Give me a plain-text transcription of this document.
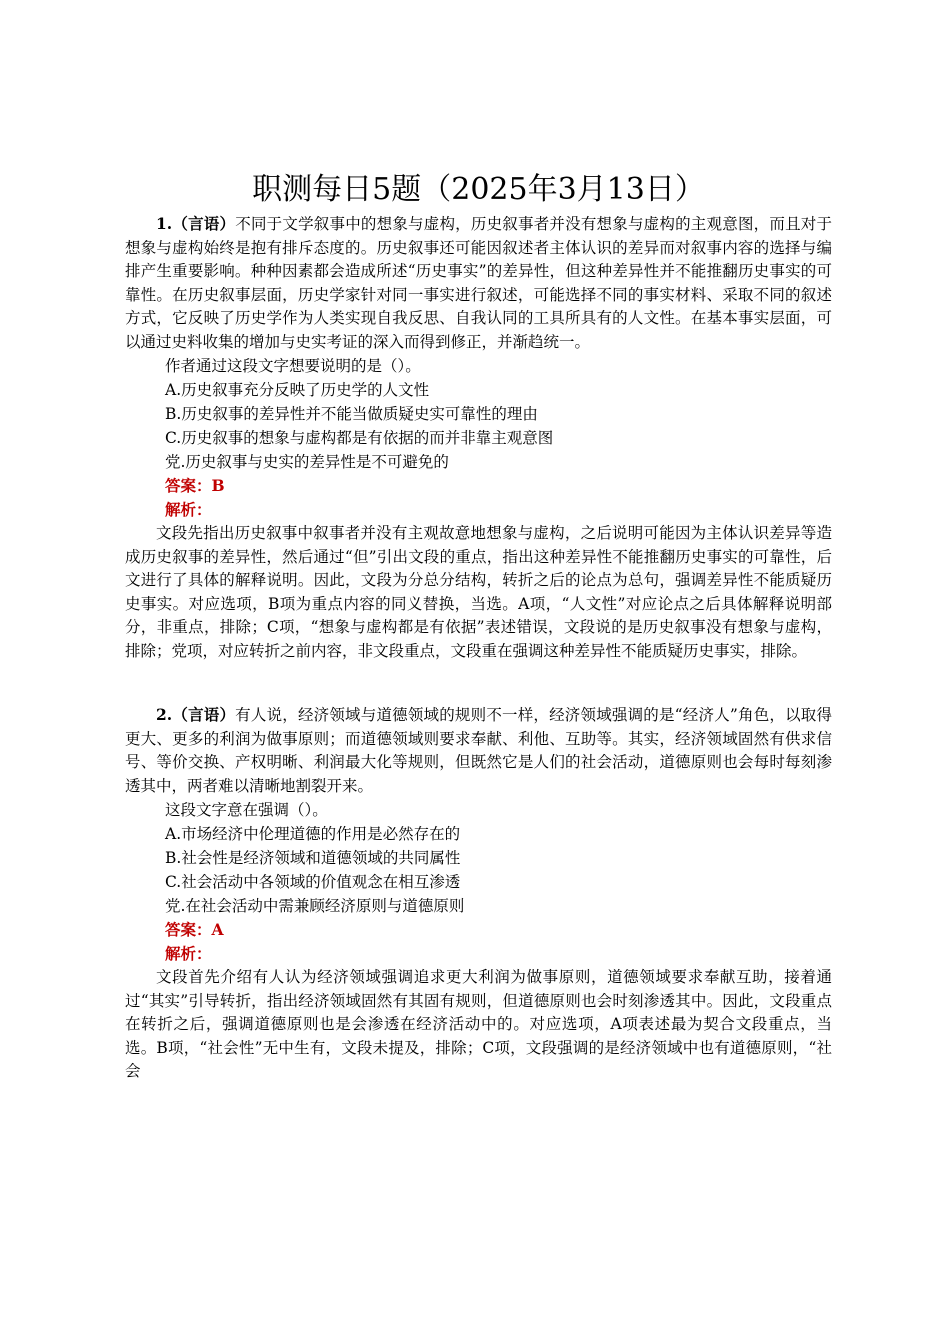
职测每日5题（2025年3月13日）

1.（言语）不同于文学叙事中的想象与虚构，历史叙事者并没有想象与虚构的主观意图，而且对于想象与虚构始终是抱有排斥态度的。历史叙事还可能因叙述者主体认识的差异而对叙事内容的选择与编排产生重要影响。种种因素都会造成所述“历史事实”的差异性，但这种差异性并不能推翻历史事实的可靠性。在历史叙事层面，历史学家针对同一事实进行叙述，可能选择不同的事实材料、采取不同的叙述方式，它反映了历史学作为人类实现自我反思、自我认同的工具所具有的人文性。在基本事实层面，可以通过史料收集的增加与史实考证的深入而得到修正，并渐趋统一。

作者通过这段文字想要说明的是（）。

A.历史叙事充分反映了历史学的人文性

B.历史叙事的差异性并不能当做质疑史实可靠性的理由

C.历史叙事的想象与虚构都是有依据的而并非靠主观意图

党.历史叙事与史实的差异性是不可避免的

答案：B

解析：

文段先指出历史叙事中叙事者并没有主观故意地想象与虚构，之后说明可能因为主体认识差异等造成历史叙事的差异性，然后通过“但”引出文段的重点，指出这种差异性不能推翻历史事实的可靠性，后文进行了具体的解释说明。因此，文段为分总分结构，转折之后的论点为总句，强调差异性不能质疑历史事实。对应选项，B项为重点内容的同义替换，当选。A项，“人文性”对应论点之后具体解释说明部分，非重点，排除；C项，“想象与虚构都是有依据”表述错误，文段说的是历史叙事没有想象与虚构，排除；党项，对应转折之前内容，非文段重点，文段重在强调这种差异性不能质疑历史事实，排除。

2.（言语）有人说，经济领域与道德领域的规则不一样，经济领域强调的是“经济人”角色，以取得更大、更多的利润为做事原则；而道德领域则要求奉献、利他、互助等。其实，经济领域固然有供求信号、等价交换、产权明晰、利润最大化等规则，但既然它是人们的社会活动，道德原则也会每时每刻渗透其中，两者难以清晰地割裂开来。

这段文字意在强调（）。

A.市场经济中伦理道德的作用是必然存在的

B.社会性是经济领域和道德领域的共同属性

C.社会活动中各领域的价值观念在相互渗透

党.在社会活动中需兼顾经济原则与道德原则

答案：A

解析：

文段首先介绍有人认为经济领域强调追求更大利润为做事原则，道德领域要求奉献互助，接着通过“其实”引导转折，指出经济领域固然有其固有规则，但道德原则也会时刻渗透其中。因此，文段重点在转折之后，强调道德原则也是会渗透在经济活动中的。对应选项，A项表述最为契合文段重点，当选。B项，“社会性”无中生有，文段未提及，排除；C项，文段强调的是经济领域中也有道德原则，“社会
